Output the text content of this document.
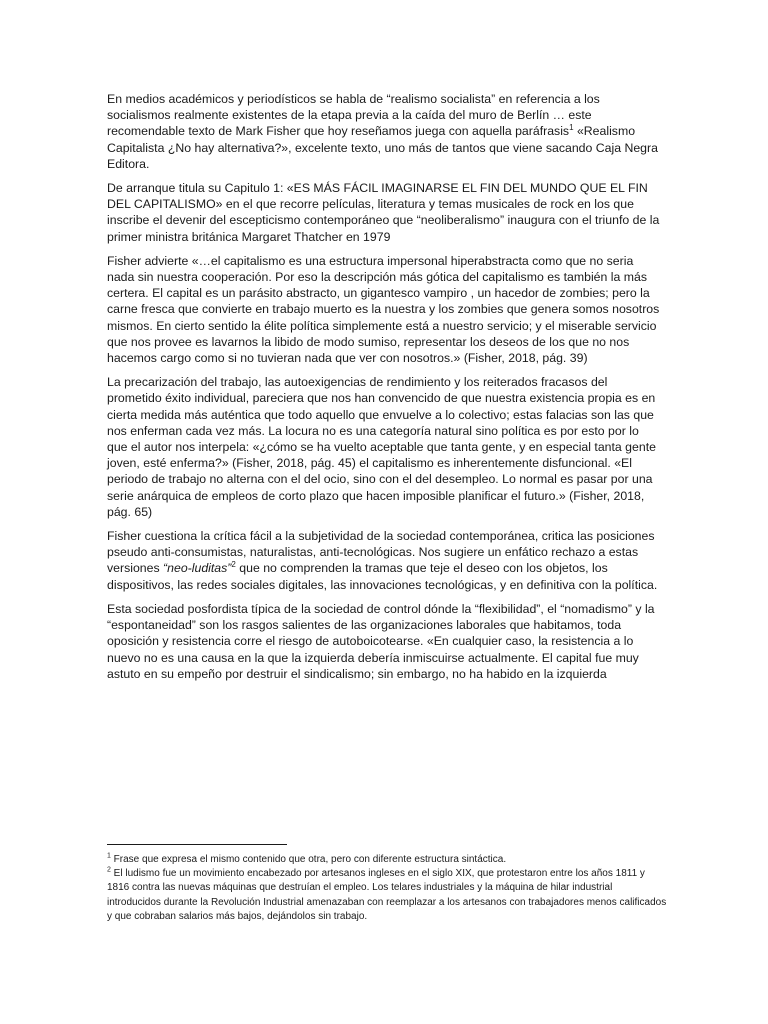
En medios académicos y periodísticos se habla de “realismo socialista” en referencia a los socialismos realmente existentes de la etapa previa a la caída del muro de Berlín … este recomendable texto de Mark Fisher que hoy reseñamos juega con aquella paráfrasis$^1$ «Realismo Capitalista ¿No hay alternativa?», excelente texto, uno más de tantos que viene sacando Caja Negra Editora.

De arranque titula su Capitulo 1: «ES MÁS FÁCIL IMAGINARSE EL FIN DEL MUNDO QUE EL FIN DEL CAPITALISMO» en el que recorre películas, literatura y temas musicales de rock en los que inscribe el devenir del escepticismo contemporáneo que “neoliberalismo” inaugura con el triunfo de la primer ministra británica Margaret Thatcher en 1979

Fisher advierte «…el capitalismo es una estructura impersonal hiperabstracta como que no seria nada sin nuestra cooperación. Por eso la descripción más gótica del capitalismo es también la más certera. El capital es un parásito abstracto, un gigantesco vampiro , un hacedor de zombies; pero la carne fresca que convierte en trabajo muerto es la nuestra y los zombies que genera somos nosotros mismos. En cierto sentido la élite política simplemente está a nuestro servicio; y el miserable servicio que nos provee es lavarnos la libido de modo sumiso, representar los deseos de los que no nos hacemos cargo como si no tuvieran nada que ver con nosotros.» (Fisher, 2018, pág. 39)

La precarización del trabajo, las autoexigencias de rendimiento y los reiterados fracasos del prometido éxito individual, pareciera que nos han convencido de que nuestra existencia propia es en cierta medida más auténtica que todo aquello que envuelve a lo colectivo; estas falacias son las que nos enferman cada vez más. La locura no es una categoría natural sino política es por esto por lo que el autor nos interpela: «¿cómo se ha vuelto aceptable que tanta gente, y en especial tanta gente joven, esté enferma?» (Fisher, 2018, pág. 45) el capitalismo es inherentemente disfuncional. «El periodo de trabajo no alterna con el del ocio, sino con el del desempleo. Lo normal es pasar por una serie anárquica de empleos de corto plazo que hacen imposible planificar el futuro.» (Fisher, 2018, pág. 65)

Fisher cuestiona la crítica fácil a la subjetividad de la sociedad contemporánea, critica las posiciones pseudo anti-consumistas, naturalistas, anti-tecnológicas. Nos sugiere un enfático rechazo a estas versiones “neo-luditas”$^2$ que no comprenden la tramas que teje el deseo con los objetos, los dispositivos, las redes sociales digitales, las innovaciones tecnológicas, y en definitiva con la política.

Esta sociedad posfordista típica de la sociedad de control dónde la “flexibilidad”, el “nomadismo” y la “espontaneidad” son los rasgos salientes de las organizaciones laborales que habitamos, toda oposición y resistencia corre el riesgo de autoboicotearse. «En cualquier caso, la resistencia a lo nuevo no es una causa en la que la izquierda debería inmiscuirse actualmente. El capital fue muy astuto en su empeño por destruir el sindicalismo; sin embargo, no ha habido en la izquierda

$^1$ Frase que expresa el mismo contenido que otra, pero con diferente estructura sintáctica.

$^2$ El ludismo fue un movimiento encabezado por artesanos ingleses en el siglo XIX, que protestaron entre los años 1811 y 1816 contra las nuevas máquinas que destruían el empleo. Los telares industriales y la máquina de hilar industrial introducidos durante la Revolución Industrial amenazaban con reemplazar a los artesanos con trabajadores menos calificados y que cobraban salarios más bajos, dejándolos sin trabajo.
